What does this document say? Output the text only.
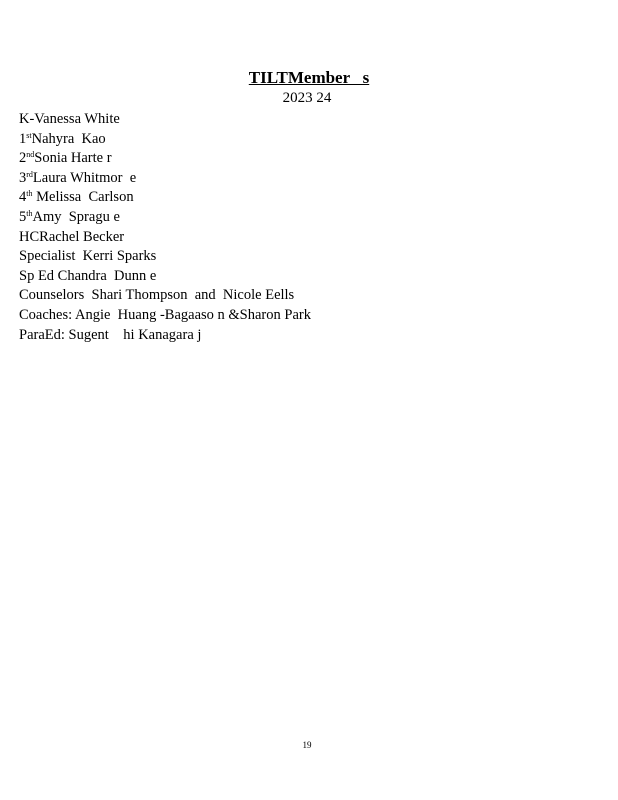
TILTMember   s
2023 24
K-Vanessa White
1stNahyra  Kao
2ndSonia Harte r
3rdLaura Whitmor  e
4th Melissa  Carlson
5thAmy  Spragu e
HCRachel Becker
Specialist  Kerri Sparks
Sp Ed Chandra  Dunn e
Counselors  Shari Thompson  and  Nicole Eells
Coaches: Angie  Huang -Bagaaso n &Sharon Park
ParaEd: Sugent    hi Kanagara j
19
